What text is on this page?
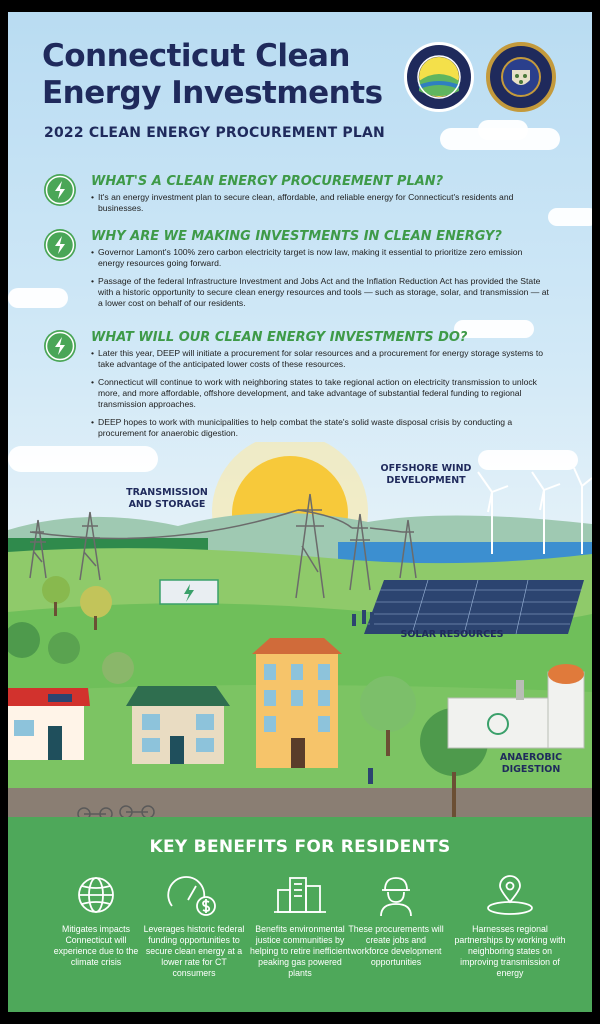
Connecticut Clean
Energy Investments
2022 CLEAN ENERGY PROCUREMENT PLAN
WHAT'S A CLEAN ENERGY PROCUREMENT PLAN?
• It's an energy investment plan to secure clean, affordable, and reliable energy for Connecticut's residents and businesses.
WHY ARE WE MAKING INVESTMENTS IN CLEAN ENERGY?
• Governor Lamont's 100% zero carbon electricity target is now law, making it essential to prioritize zero emission energy resources going forward.
• Passage of the federal Infrastructure Investment and Jobs Act and the Inflation Reduction Act has provided the State with a historic opportunity to secure clean energy resources and tools — such as storage, solar, and transmission — at a lower cost on behalf of our residents.
WHAT WILL OUR CLEAN ENERGY INVESTMENTS DO?
• Later this year, DEEP will initiate a procurement for solar resources and a procurement for energy storage systems to take advantage of the anticipated lower costs of these resources.
• Connecticut will continue to work with neighboring states to take regional action on electricity transmission to unlock more, and more affordable, offshore development, and take advantage of substantial federal funding to regional transmission approaches.
• DEEP hopes to work with municipalities to help combat the state's solid waste disposal crisis by conducting a procurement for anaerobic digestion.
TRANSMISSION
AND STORAGE
OFFSHORE WIND
DEVELOPMENT
SOLAR RESOURCES
ANAEROBIC
DIGESTION
KEY BENEFITS FOR RESIDENTS
Mitigates impacts Connecticut will experience due to the climate crisis
Leverages historic federal funding opportunities to secure clean energy at a lower rate for CT consumers
Benefits environmental justice communities by helping to retire inefficient peaking gas powered plants
These procurements will create jobs and workforce development opportunities
Harnesses regional partnerships by working with neighboring states on improving transmission of energy
